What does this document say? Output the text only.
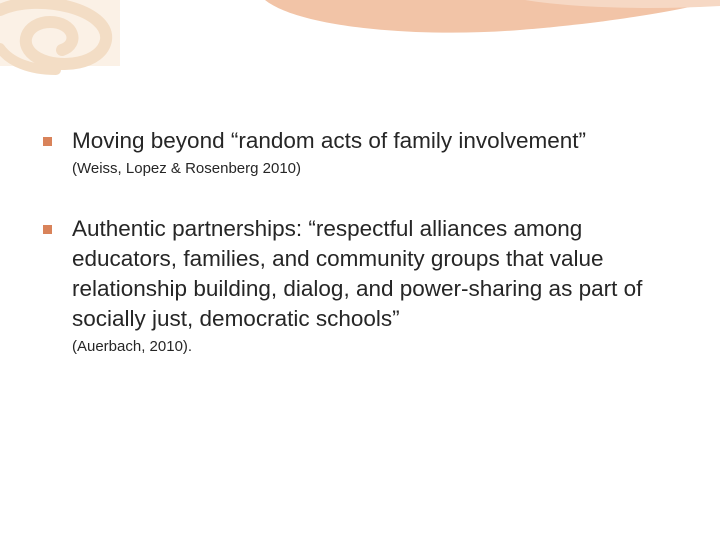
Moving beyond “random acts of family involvement”
(Weiss, Lopez & Rosenberg 2010)
Authentic partnerships: “respectful alliances among educators, families, and community groups that value relationship building, dialog, and power-sharing as part of socially just, democratic schools”
(Auerbach, 2010).
